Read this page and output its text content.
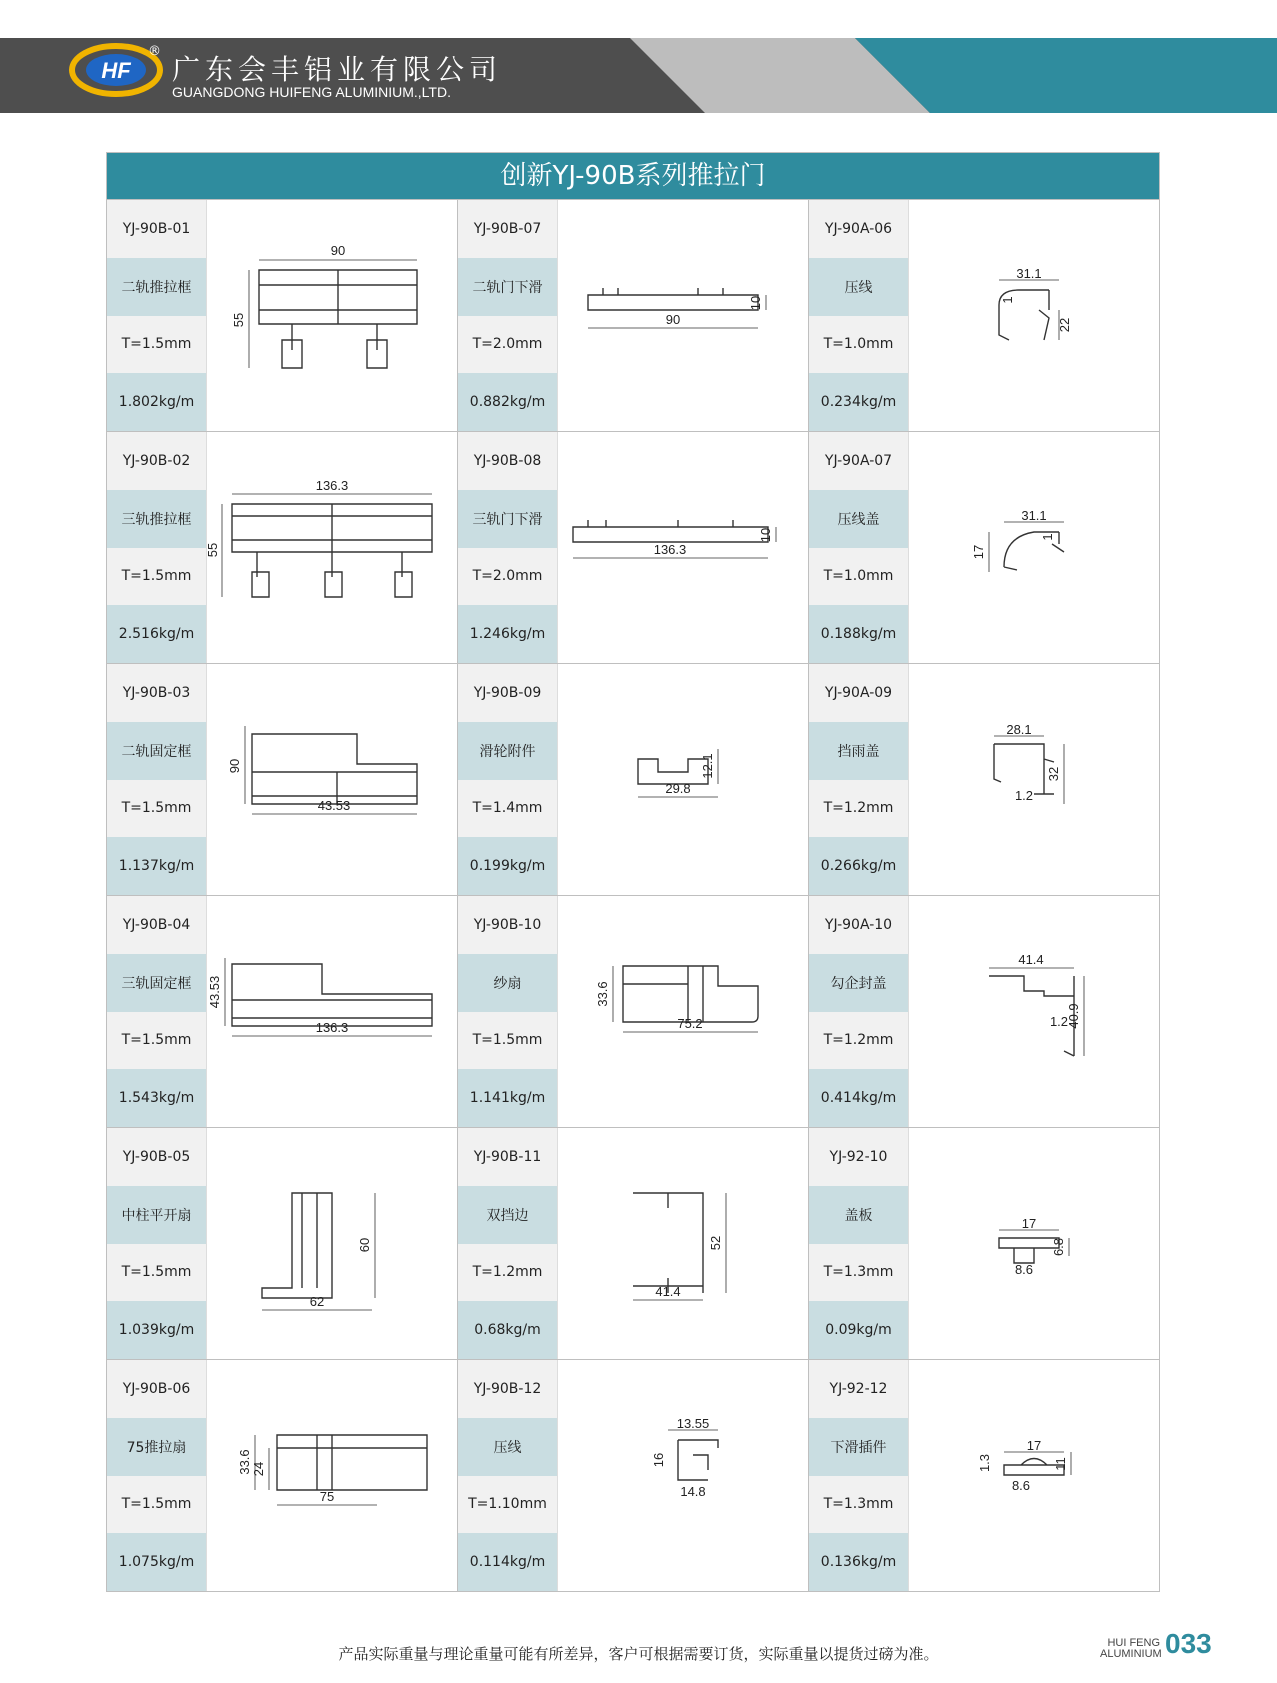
HF
®
广东会丰铝业有限公司
GUANGDONG HUIFENG ALUMINIUM.,LTD.
创新YJ-90B系列推拉门
YJ-90B-01
二轨推拉框
T=1.5mm
1.802kg/m
90
55
YJ-90B-07
二轨门下滑
T=2.0mm
0.882kg/m
90
10
YJ-90A-06
压线
T=1.0mm
0.234kg/m
31.1
1
22
YJ-90B-02
三轨推拉框
T=1.5mm
2.516kg/m
136.3
55
YJ-90B-08
三轨门下滑
T=2.0mm
1.246kg/m
136.3
10
YJ-90A-07
压线盖
T=1.0mm
0.188kg/m
31.1
1
17
YJ-90B-03
二轨固定框
T=1.5mm
1.137kg/m
43.53
90
YJ-90B-09
滑轮附件
T=1.4mm
0.199kg/m
29.8
12.1
YJ-90A-09
挡雨盖
T=1.2mm
0.266kg/m
28.1
1.2
32
YJ-90B-04
三轨固定框
T=1.5mm
1.543kg/m
136.3
43.53
YJ-90B-10
纱扇
T=1.5mm
1.141kg/m
75.2
33.6
YJ-90A-10
勾企封盖
T=1.2mm
0.414kg/m
41.4
1.2
40.9
YJ-90B-05
中柱平开扇
T=1.5mm
1.039kg/m
62
60
YJ-90B-11
双挡边
T=1.2mm
0.68kg/m
41.4
52
YJ-92-10
盖板
T=1.3mm
0.09kg/m
17
8.6
6.8
YJ-90B-06
75推拉扇
T=1.5mm
1.075kg/m
75
33.6 24
YJ-90B-12
压线
T=1.10mm
0.114kg/m
13.55
16
14.8
YJ-92-12
下滑插件
T=1.3mm
0.136kg/m
17
1.3
8.6
11
产品实际重量与理论重量可能有所差异，客户可根据需要订货，实际重量以提货过磅为准。
HUI FENG
ALUMINIUM 033
